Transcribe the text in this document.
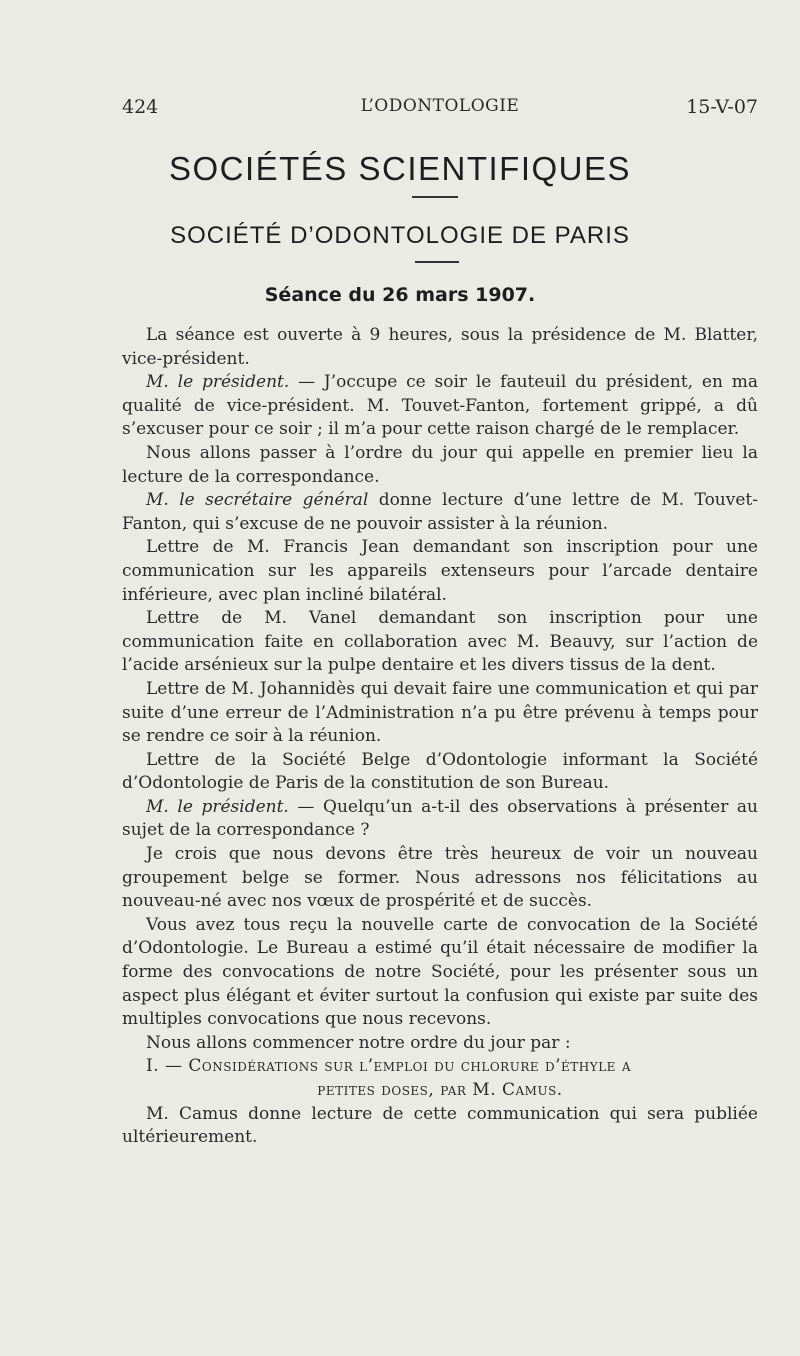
424	L’ODONTOLOGIE	15-V-07
SOCIÉTÉS SCIENTIFIQUES
SOCIÉTÉ D’ODONTOLOGIE DE PARIS
Séance du 26 mars 1907.

La séance est ouverte à 9 heures, sous la présidence de M. Blatter, vice-président.

M. le président. — J’occupe ce soir le fauteuil du président, en ma qualité de vice-président. M. Touvet-Fanton, fortement grippé, a dû s’excuser pour ce soir ; il m’a pour cette raison chargé de le remplacer.

Nous allons passer à l’ordre du jour qui appelle en premier lieu la lecture de la correspondance.

M. le secrétaire général donne lecture d’une lettre de M. Touvet-Fanton, qui s’excuse de ne pouvoir assister à la réunion.

Lettre de M. Francis Jean demandant son inscription pour une communication sur les appareils extenseurs pour l’arcade dentaire inférieure, avec plan incliné bilatéral.

Lettre de M. Vanel demandant son inscription pour une communication faite en collaboration avec M. Beauvy, sur l’action de l’acide arsénieux sur la pulpe dentaire et les divers tissus de la dent.

Lettre de M. Johannidès qui devait faire une communication et qui par suite d’une erreur de l’Administration n’a pu être prévenu à temps pour se rendre ce soir à la réunion.

Lettre de la Société Belge d’Odontologie informant la Société d’Odontologie de Paris de la constitution de son Bureau.

M. le président. — Quelqu’un a-t-il des observations à présenter au sujet de la correspondance ?

Je crois que nous devons être très heureux de voir un nouveau groupement belge se former. Nous adressons nos félicitations au nouveau-né avec nos vœux de prospérité et de succès.

Vous avez tous reçu la nouvelle carte de convocation de la Société d’Odontologie. Le Bureau a estimé qu’il était nécessaire de modifier la forme des convocations de notre Société, pour les présenter sous un aspect plus élégant et éviter surtout la confusion qui existe par suite des multiples convocations que nous recevons.

Nous allons commencer notre ordre du jour par :

I. — Considérations sur l’emploi du chlorure d’éthyle a
petites doses, par M. Camus.

M. Camus donne lecture de cette communication qui sera publiée ultérieurement.
